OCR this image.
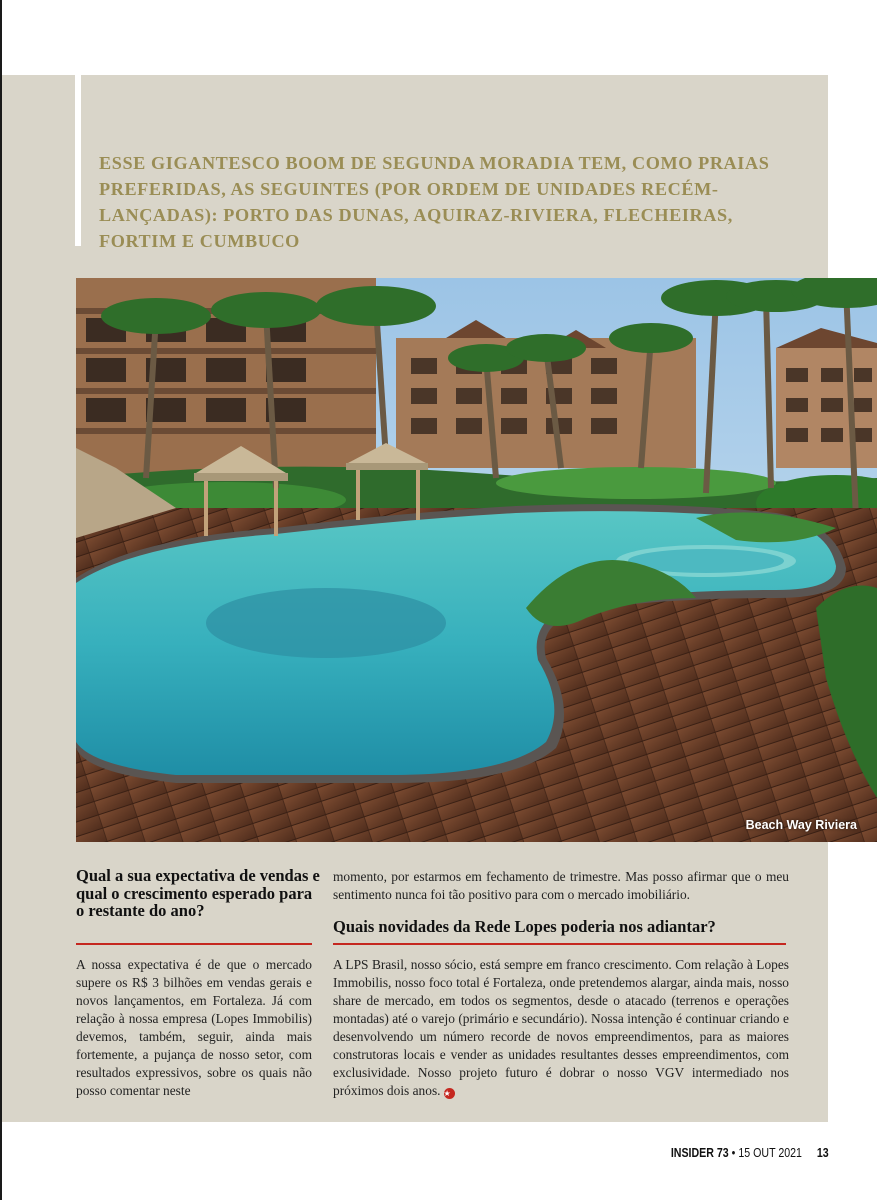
ESSE GIGANTESCO BOOM DE SEGUNDA MORADIA TEM, COMO PRAIAS PREFERIDAS, AS SEGUINTES (POR ORDEM DE UNIDADES RECÉM-LANÇADAS): PORTO DAS DUNAS, AQUIRAZ-RIVIERA, FLECHEIRAS, FORTIM E CUMBUCO

Beach Way Riviera
Qual a sua expectativa de vendas e qual o crescimento esperado para o restante do ano?

A nossa expectativa é de que o mercado supere os R$ 3 bilhões em vendas gerais e novos lançamentos, em Fortaleza. Já com relação à nossa empresa (Lopes Immobilis) devemos, também, seguir, ainda mais fortemente, a pujança de nosso setor, com resultados expressivos, sobre os quais não posso comentar neste

momento, por estarmos em fechamento de trimestre. Mas posso afirmar que o meu sentimento nunca foi tão positivo para com o mercado imobiliário.

Quais novidades da Rede Lopes poderia nos adiantar?

A LPS Brasil, nosso sócio, está sempre em franco crescimento. Com relação à Lopes Immobilis, nosso foco total é Fortaleza, onde pretendemos alargar, ainda mais, nosso share de mercado, em todos os segmentos, desde o atacado (terrenos e operações montadas) até o varejo (primário e secundário). Nossa intenção é continuar criando e desenvolvendo um número recorde de novos empreendimentos, para as maiores construtoras locais e vender as unidades resultantes desses empreendimentos, com exclusividade. Nosso projeto futuro é dobrar o nosso VGV intermediado nos próximos dois anos. ★

INSIDER 73 • 15 OUT 2021 13
